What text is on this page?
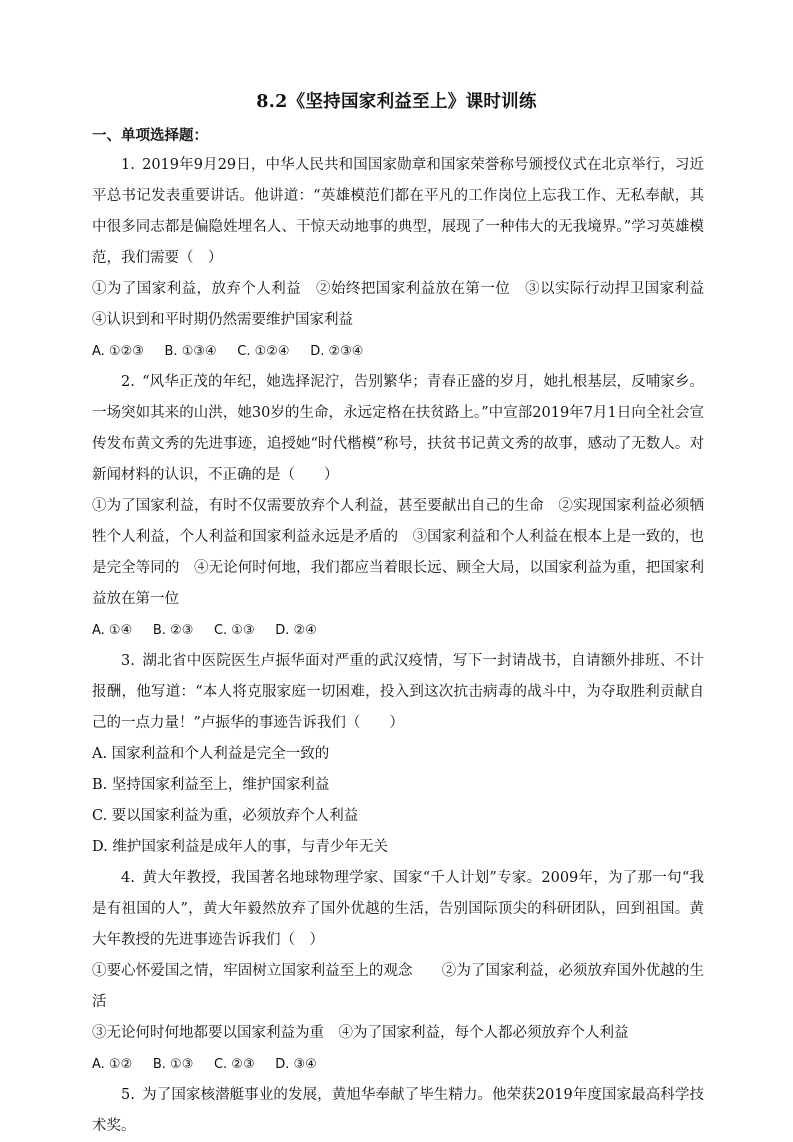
8.2《坚持国家利益至上》课时训练
一、单项选择题：

1.  2019年9月29日，中华人民共和国国家勋章和国家荣誉称号颁授仪式在北京举行，习近平总书记发表重要讲话。他讲道：“英雄模范们都在平凡的工作岗位上忘我工作、无私奉献，其中很多同志都是偏隐姓埋名人、干惊天动地事的典型，展现了一种伟大的无我境界。”学习英雄模范，我们需要（　）

①为了国家利益，放弃个人利益　②始终把国家利益放在第一位　③以实际行动捍卫国家利益　④认识到和平时期仍然需要维护国家利益

A. ①②③ B. ①③④ C. ①②④ D. ②③④

2.  “风华正茂的年纪，她选择泥泞，告别繁华；青春正盛的岁月，她扎根基层，反哺家乡。一场突如其来的山洪，她30岁的生命，永远定格在扶贫路上。”中宣部2019年7月1日向全社会宣传发布黄文秀的先进事迹，追授她“时代楷模”称号，扶贫书记黄文秀的故事，感动了无数人。对新闻材料的认识，不正确的是（　　）

①为了国家利益，有时不仅需要放弃个人利益，甚至要献出自己的生命　②实现国家利益必须牺牲个人利益，个人利益和国家利益永远是矛盾的　③国家利益和个人利益在根本上是一致的，也是完全等同的　④无论何时何地，我们都应当着眼长远、顾全大局，以国家利益为重，把国家利益放在第一位

A. ①④ B. ②③ C. ①③ D. ②④

3.  湖北省中医院医生卢振华面对严重的武汉疫情，写下一封请战书，自请额外排班、不计报酬，他写道：“本人将克服家庭一切困难，投入到这次抗击病毒的战斗中，为夺取胜利贡献自己的一点力量！”卢振华的事迹告诉我们（　　）

A. 国家利益和个人利益是完全一致的

B. 坚持国家利益至上，维护国家利益

C. 要以国家利益为重，必须放弃个人利益

D. 维护国家利益是成年人的事，与青少年无关

4.  黄大年教授，我国著名地球物理学家、国家“千人计划”专家。2009年，为了那一句“我是有祖国的人”，黄大年毅然放弃了国外优越的生活，告别国际顶尖的科研团队，回到祖国。黄大年教授的先进事迹告诉我们（　）

①要心怀爱国之情，牢固树立国家利益至上的观念　　②为了国家利益，必须放弃国外优越的生活

③无论何时何地都要以国家利益为重　④为了国家利益，每个人都必须放弃个人利益

A. ①② B. ①③ C. ②③ D. ③④

5.  为了国家核潜艇事业的发展，黄旭华奉献了毕生精力。他荣获2019年度国家最高科学技术奖。
